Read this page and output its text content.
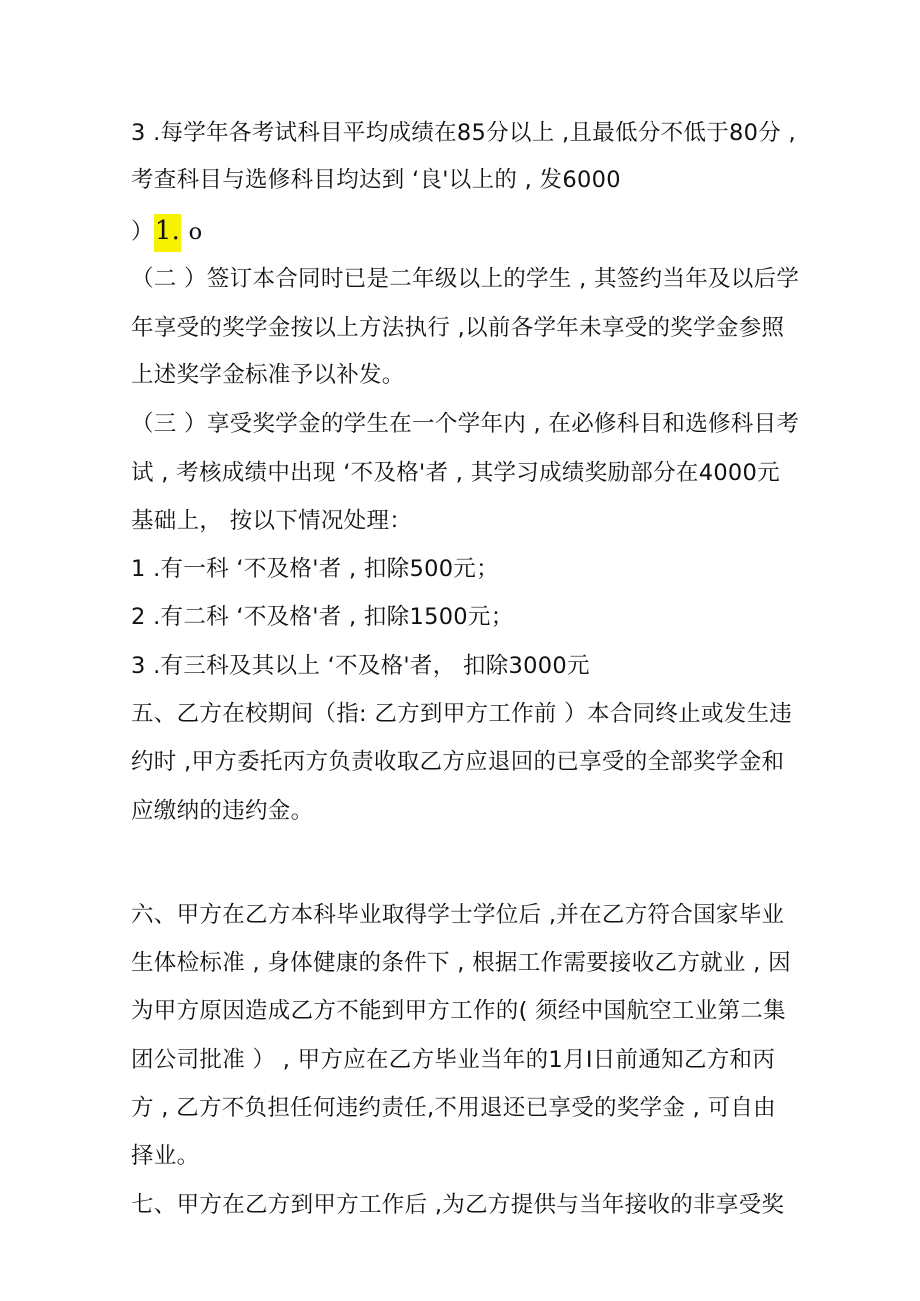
3 .每学年各考试科目平均成绩在85分以上 ,且最低分不低于80分 ,
考查科目与选修科目均达到 ‘良'以上的 , 发6000
）1. o
（二 ）签订本合同时已是二年级以上的学生 , 其签约当年及以后学
年享受的奖学金按以上方法执行 ,以前各学年未享受的奖学金参照
上述奖学金标准予以补发。
（三 ）享受奖学金的学生在一个学年内 , 在必修科目和选修科目考
试 , 考核成绩中出现 ‘不及格'者 , 其学习成绩奖励部分在4000元
基础上， 按以下情况处理：
1 .有一科 ‘不及格'者 , 扣除500元；
2 .有二科 ‘不及格'者 , 扣除1500元；
3 .有三科及其以上 ‘不及格'者， 扣除3000元
五、乙方在校期间（指: 乙方到甲方工作前 ）本合同终止或发生违
约时 ,甲方委托丙方负责收取乙方应退回的已享受的全部奖学金和
应缴纳的违约金。
六、甲方在乙方本科毕业取得学士学位后 ,并在乙方符合国家毕业
生体检标准 , 身体健康的条件下 , 根据工作需要接收乙方就业 , 因
为甲方原因造成乙方不能到甲方工作的( 须经中国航空工业第二集
团公司批准 ） , 甲方应在乙方毕业当年的1月I日前通知乙方和丙
方 , 乙方不负担任何违约责任,不用退还已享受的奖学金 , 可自由
择业。
七、甲方在乙方到甲方工作后 ,为乙方提供与当年接收的非享受奖
